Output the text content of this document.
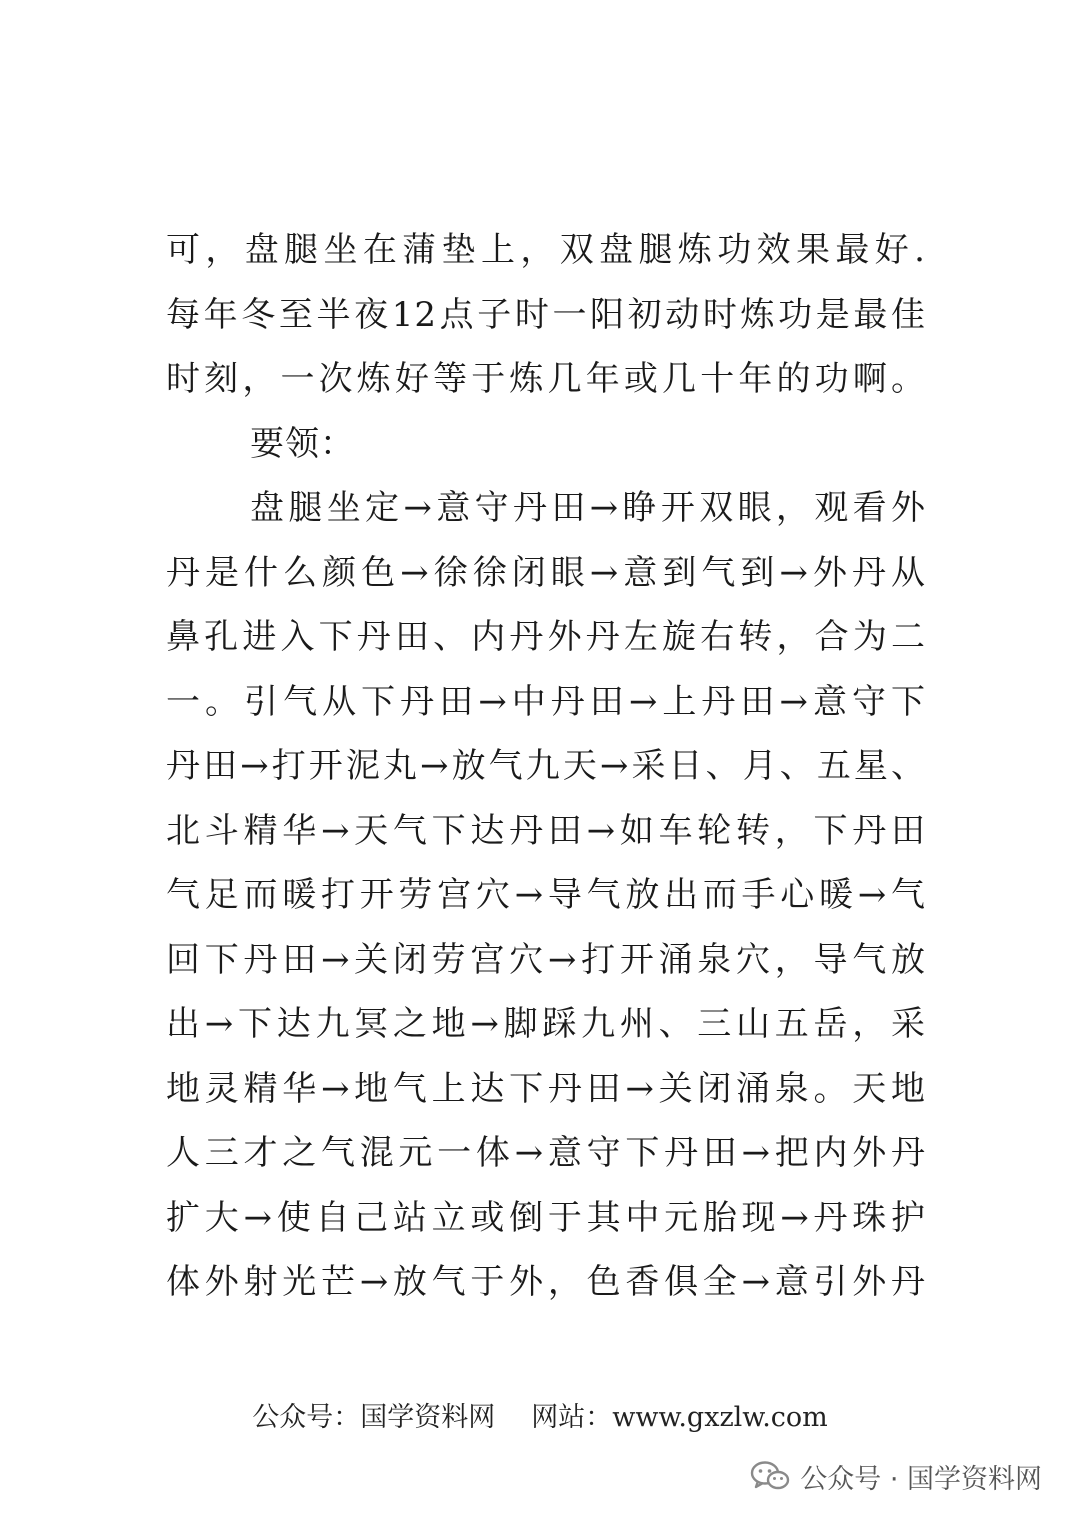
可，盘腿坐在蒲垫上，双盘腿炼功效果最好.
每年冬至半夜12点子时一阳初动时炼功是最佳
时刻，一次炼好等于炼几年或几十年的功啊。
要领：
盘腿坐定→意守丹田→睁开双眼，观看外
丹是什么颜色→徐徐闭眼→意到气到→外丹从
鼻孔进入下丹田、内丹外丹左旋右转，合为二
一。引气从下丹田→中丹田→上丹田→意守下
丹田→打开泥丸→放气九天→采日、月、五星、
北斗精华→天气下达丹田→如车轮转，下丹田
气足而暖打开劳宫穴→导气放出而手心暖→气
回下丹田→关闭劳宫穴→打开涌泉穴，导气放
出→下达九冥之地→脚踩九州、三山五岳，采
地灵精华→地气上达下丹田→关闭涌泉。天地
人三才之气混元一体→意守下丹田→把内外丹
扩大→使自己站立或倒于其中元胎现→丹珠护
体外射光芒→放气于外，色香俱全→意引外丹
公众号：国学资料网 网站：www.gxzlw.com
公众号 · 国学资料网
